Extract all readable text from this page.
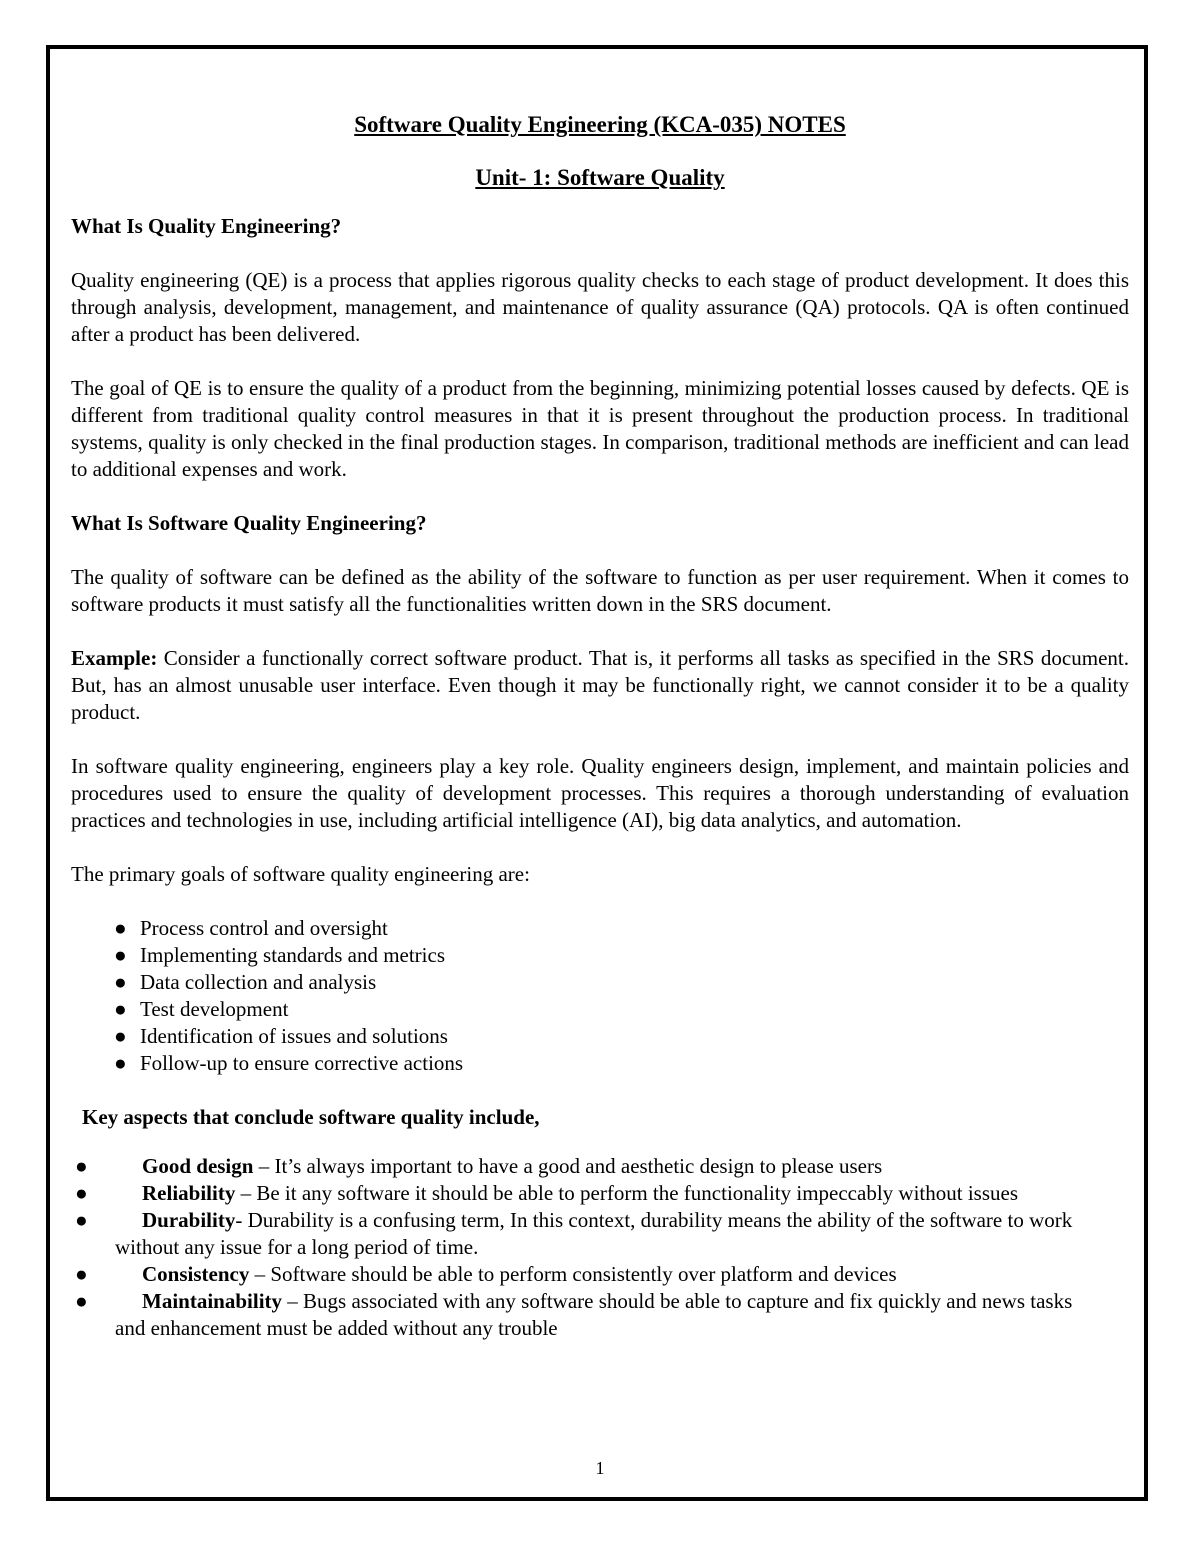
Software Quality Engineering (KCA-035) NOTES
Unit- 1: Software Quality
What Is Quality Engineering?

Quality engineering (QE) is a process that applies rigorous quality checks to each stage of product development. It does this through analysis, development, management, and maintenance of quality assurance (QA) protocols. QA is often continued after a product has been delivered.

The goal of QE is to ensure the quality of a product from the beginning, minimizing potential losses caused by defects. QE is different from traditional quality control measures in that it is present throughout the production process. In traditional systems, quality is only checked in the final production stages. In comparison, traditional methods are inefficient and can lead to additional expenses and work.

What Is Software Quality Engineering?

The quality of software can be defined as the ability of the software to function as per user requirement. When it comes to software products it must satisfy all the functionalities written down in the SRS document.

Example: Consider a functionally correct software product. That is, it performs all tasks as specified in the SRS document. But, has an almost unusable user interface. Even though it may be functionally right, we cannot consider it to be a quality product.

In software quality engineering, engineers play a key role. Quality engineers design, implement, and maintain policies and procedures used to ensure the quality of development processes. This requires a thorough understanding of evaluation practices and technologies in use, including artificial intelligence (AI), big data analytics, and automation.

The primary goals of software quality engineering are:

● Process control and oversight
● Implementing standards and metrics
● Data collection and analysis
● Test development
● Identification of issues and solutions
● Follow-up to ensure corrective actions
Key aspects that conclude software quality include,
●	Good design – It’s always important to have a good and aesthetic design to please users
●	Reliability – Be it any software it should be able to perform the functionality impeccably without issues
●	Durability- Durability is a confusing term, In this context, durability means the ability of the software to work without any issue for a long period of time.
●	Consistency – Software should be able to perform consistently over platform and devices
●	Maintainability – Bugs associated with any software should be able to capture and fix quickly and news tasks and enhancement must be added without any trouble
1
